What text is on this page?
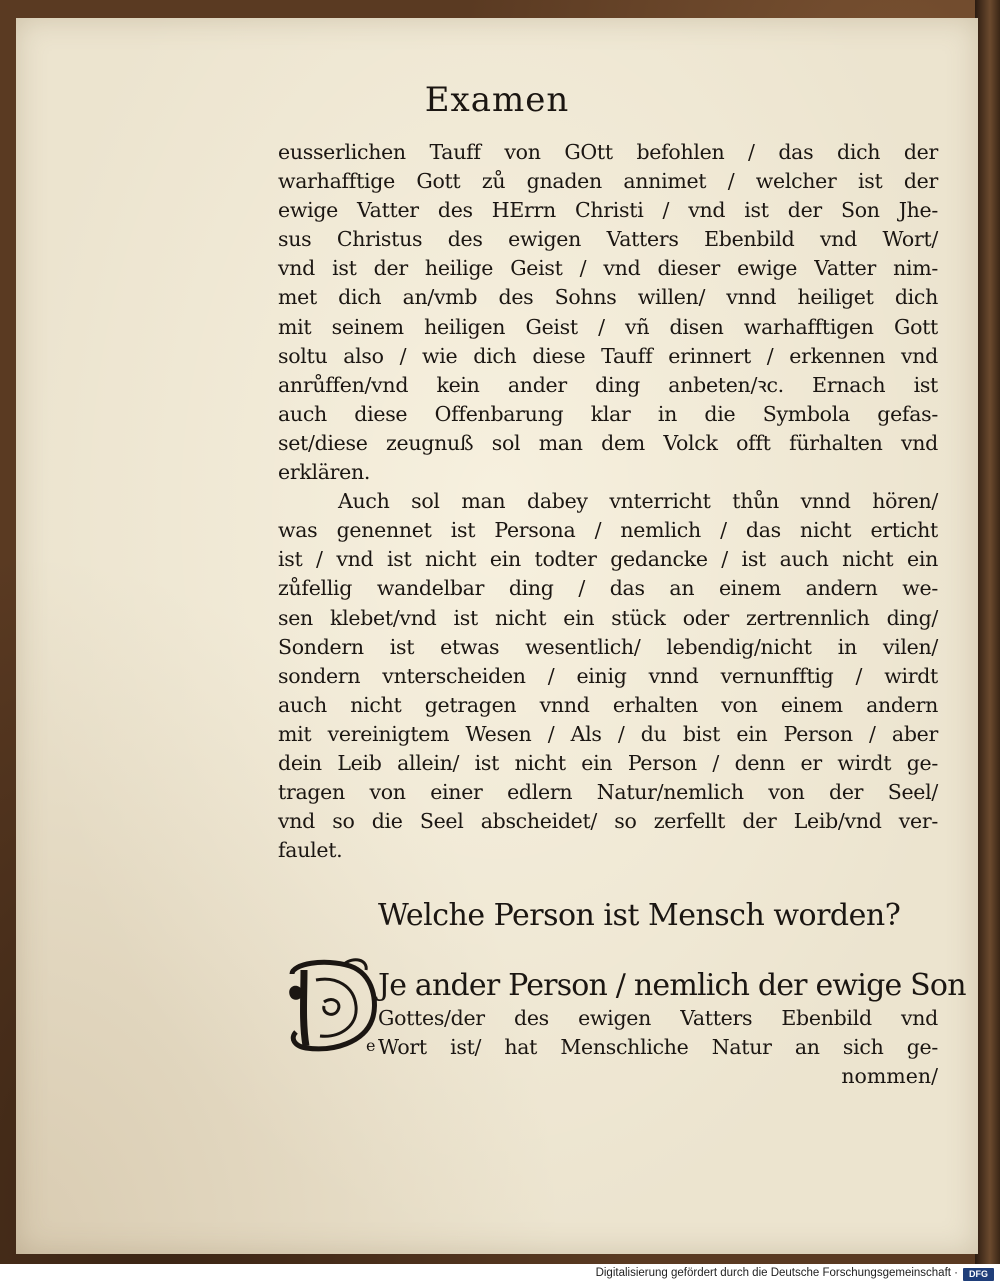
Examen
eusserlichen Tauff von GOtt befohlen / das dich der
warhafftige Gott zů gnaden annimet / welcher ist der
ewige Vatter des HErrn Christi / vnd ist der Son Jhe-
sus Christus des ewigen Vatters Ebenbild vnd Wort/
vnd ist der heilige Geist / vnd dieser ewige Vatter nim-
met dich an/vmb des Sohns willen/ vnnd heiliget dich
mit seinem heiligen Geist / vñ disen warhafftigen Gott
soltu also / wie dich diese Tauff erinnert / erkennen vnd
anrůffen/vnd kein ander ding anbeten/ꝛc. Ernach ist
auch diese Offenbarung klar in die Symbola gefas-
set/diese zeugnuß sol man dem Volck offt fürhalten vnd
erklären.
Auch sol man dabey vnterricht thůn vnnd hören/
was genennet ist Persona / nemlich / das nicht erticht
ist / vnd ist nicht ein todter gedancke / ist auch nicht ein
zůfellig wandelbar ding / das an einem andern we-
sen klebet/vnd ist nicht ein stück oder zertrennlich ding/
Sondern ist etwas wesentlich/ lebendig/nicht in vilen/
sondern vnterscheiden / einig vnnd vernunfftig / wirdt
auch nicht getragen vnnd erhalten von einem andern
mit vereinigtem Wesen / Als / du bist ein Person / aber
dein Leib allein/ ist nicht ein Person / denn er wirdt ge-
tragen von einer edlern Natur/nemlich von der Seel/
vnd so die Seel abscheidet/ so zerfellt der Leib/vnd ver-
faulet.
Welche Person ist Mensch worden?
e
Je ander Person / nemlich der ewige Son
Gottes/der des ewigen Vatters Ebenbild vnd
Wort ist/ hat Menschliche Natur an sich ge-
nommen/
Digitalisierung gefördert durch die Deutsche Forschungsgemeinschaft ·	DFG
